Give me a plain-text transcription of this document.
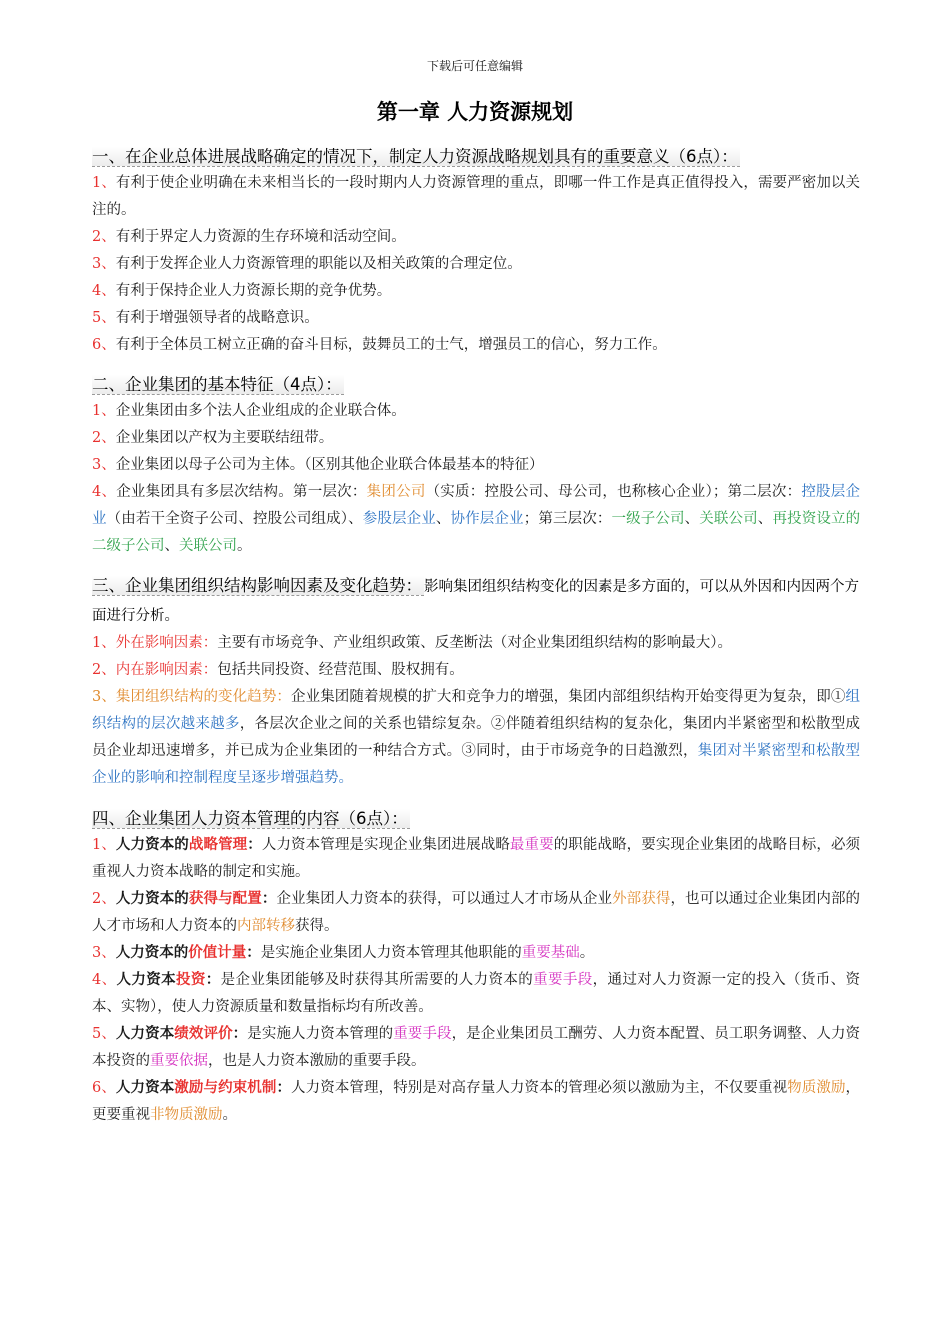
下载后可任意编辑
第一章 人力资源规划

一、在企业总体进展战略确定的情况下，制定人力资源战略规划具有的重要意义（6点）：

1、有利于使企业明确在未来相当长的一段时期内人力资源管理的重点，即哪一件工作是真正值得投入，需要严密加以关注的。

2、有利于界定人力资源的生存环境和活动空间。

3、有利于发挥企业人力资源管理的职能以及相关政策的合理定位。

4、有利于保持企业人力资源长期的竞争优势。

5、有利于增强领导者的战略意识。

6、有利于全体员工树立正确的奋斗目标，鼓舞员工的士气，增强员工的信心，努力工作。

二、企业集团的基本特征（4点）：

1、企业集团由多个法人企业组成的企业联合体。

2、企业集团以产权为主要联结纽带。

3、企业集团以母子公司为主体。（区别其他企业联合体最基本的特征）

4、企业集团具有多层次结构。第一层次：集团公司（实质：控股公司、母公司，也称核心企业）；第二层次：控股层企业（由若干全资子公司、控股公司组成）、参股层企业、协作层企业；第三层次：一级子公司、关联公司、再投资设立的二级子公司、关联公司。

三、企业集团组织结构影响因素及变化趋势： 影响集团组织结构变化的因素是多方面的，可以从外因和内因两个方面进行分析。

1、外在影响因素：主要有市场竞争、产业组织政策、反垄断法（对企业集团组织结构的影响最大）。

2、内在影响因素：包括共同投资、经营范围、股权拥有。

3、集团组织结构的变化趋势：企业集团随着规模的扩大和竞争力的增强，集团内部组织结构开始变得更为复杂，即①组织结构的层次越来越多，各层次企业之间的关系也错综复杂。②伴随着组织结构的复杂化，集团内半紧密型和松散型成员企业却迅速增多，并已成为企业集团的一种结合方式。③同时，由于市场竞争的日趋激烈，集团对半紧密型和松散型企业的影响和控制程度呈逐步增强趋势。

四、企业集团人力资本管理的内容（6点）：

1、人力资本的战略管理：人力资本管理是实现企业集团进展战略最重要的职能战略，要实现企业集团的战略目标，必须重视人力资本战略的制定和实施。

2、人力资本的获得与配置：企业集团人力资本的获得，可以通过人才市场从企业外部获得，也可以通过企业集团内部的人才市场和人力资本的内部转移获得。

3、人力资本的价值计量：是实施企业集团人力资本管理其他职能的重要基础。

4、人力资本投资：是企业集团能够及时获得其所需要的人力资本的重要手段，通过对人力资源一定的投入（货币、资本、实物），使人力资源质量和数量指标均有所改善。

5、人力资本绩效评价：是实施人力资本管理的重要手段，是企业集团员工酬劳、人力资本配置、员工职务调整、人力资本投资的重要依据，也是人力资本激励的重要手段。

6、人力资本激励与约束机制：人力资本管理，特别是对高存量人力资本的管理必须以激励为主，不仅要重视物质激励，更要重视非物质激励。
